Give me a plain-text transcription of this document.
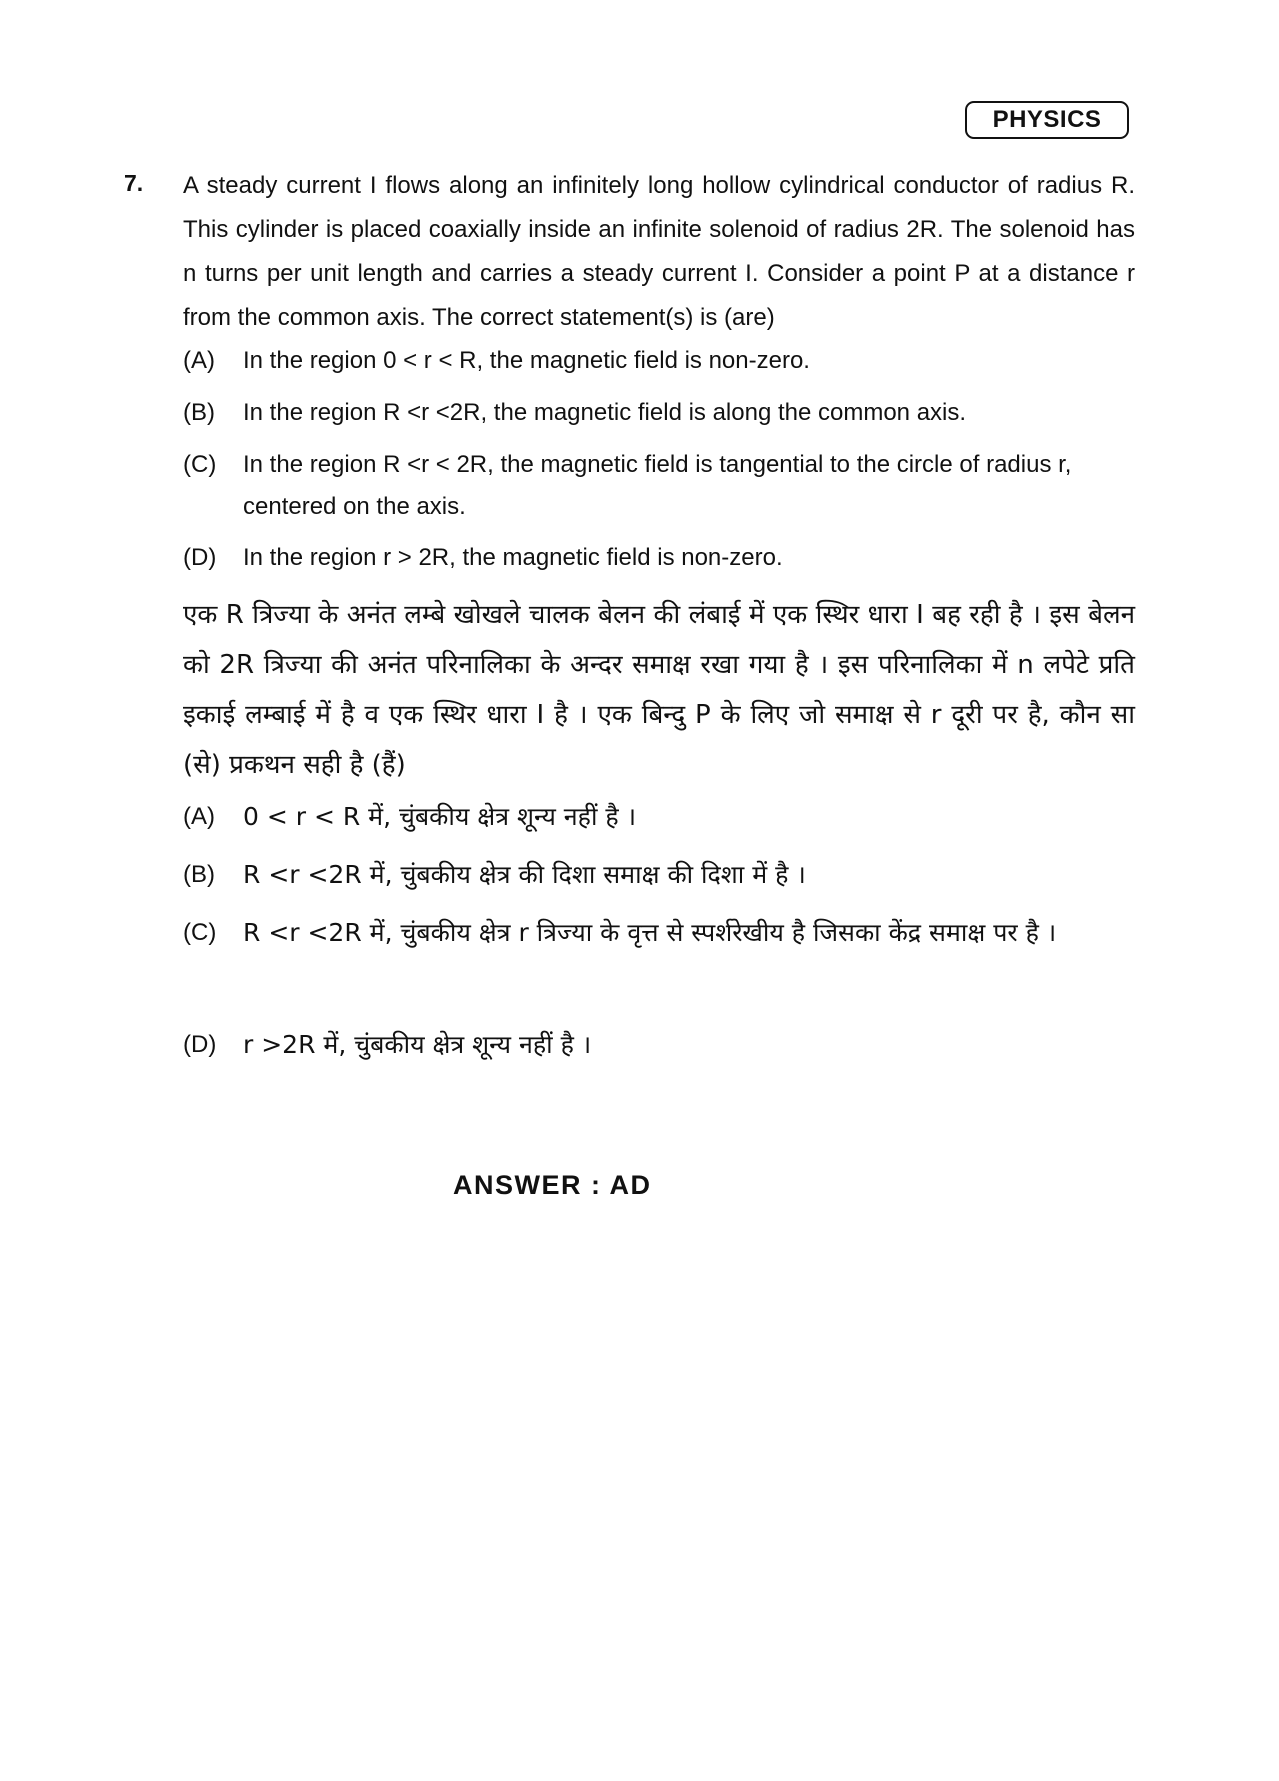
PHYSICS
7. A steady current I flows along an infinitely long hollow cylindrical conductor of radius R. This cylinder is placed coaxially inside an infinite solenoid of radius 2R. The solenoid has n turns per unit length and carries a steady current I. Consider a point P at a distance r from the common axis. The correct statement(s) is (are)
(A) In the region 0 < r < R, the magnetic field is non-zero.
(B) In the region R <r <2R, the magnetic field is along the common axis.
(C) In the region R <r < 2R, the magnetic field is tangential to the circle of radius r, centered on the axis.
(D) In the region r > 2R, the magnetic field is non-zero.
एक R त्रिज्या के अनंत लम्बे खोखले चालक बेलन की लंबाई में एक स्थिर धारा I बह रही है । इस बेलन को 2R त्रिज्या की अनंत परिनालिका के अन्दर समाक्ष रखा गया है । इस परिनालिका में n लपेटे प्रति इकाई लम्बाई में है व एक स्थिर धारा I है । एक बिन्दु P के लिए जो समाक्ष से r दूरी पर है, कौन सा (से) प्रकथन सही है (हैं)
(A) 0 < r < R में, चुंबकीय क्षेत्र शून्य नहीं है ।
(B) R <r <2R में, चुंबकीय क्षेत्र की दिशा समाक्ष की दिशा में है ।
(C) R <r <2R में, चुंबकीय क्षेत्र r त्रिज्या के वृत्त से स्पर्शरेखीय है जिसका केंद्र समाक्ष पर है ।
(D) r >2R में, चुंबकीय क्षेत्र शून्य नहीं है ।
ANSWER : AD
